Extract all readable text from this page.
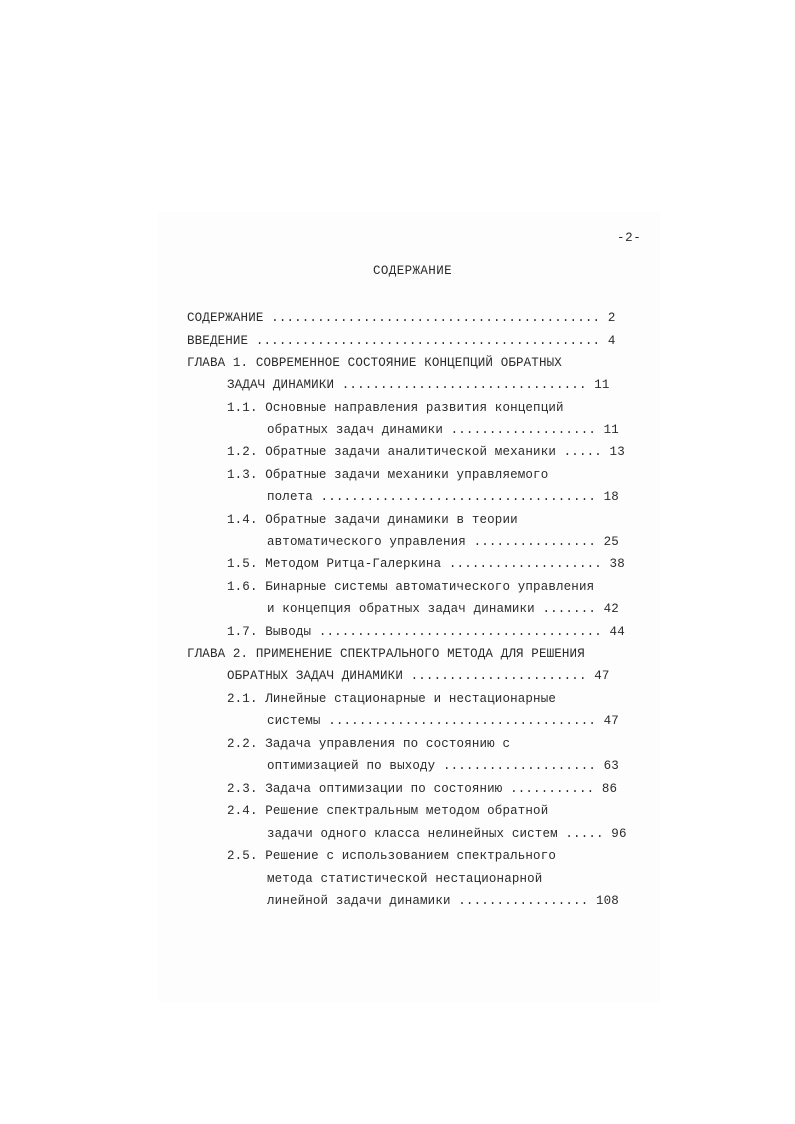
-2-
СОДЕРЖАНИЕ
СОДЕРЖАНИЕ ........................................... 2
ВВЕДЕНИЕ ............................................. 4
ГЛАВА 1. СОВРЕМЕННОЕ СОСТОЯНИЕ КОНЦЕПЦИЙ ОБРАТНЫХ
ЗАДАЧ ДИНАМИКИ ................................ 11
1.1. Основные направления развития концепций
обратных задач динамики ................... 11
1.2. Обратные задачи аналитической механики ..... 13
1.3. Обратные задачи механики управляемого
полета .................................... 18
1.4. Обратные задачи динамики в теории
автоматического управления ................ 25
1.5. Методом Ритца-Галеркина .................... 38
1.6. Бинарные системы автоматического управления
и концепция обратных задач динамики ....... 42
1.7. Выводы ..................................... 44
ГЛАВА 2. ПРИМЕНЕНИЕ СПЕКТРАЛЬНОГО МЕТОДА ДЛЯ РЕШЕНИЯ
ОБРАТНЫХ ЗАДАЧ ДИНАМИКИ ....................... 47
2.1. Линейные стационарные и нестационарные
системы ................................... 47
2.2. Задача управления по состоянию с
оптимизацией по выходу .................... 63
2.3. Задача оптимизации по состоянию ........... 86
2.4. Решение спектральным методом обратной
задачи одного класса нелинейных систем ..... 96
2.5. Решение с использованием спектрального
метода статистической нестационарной
линейной задачи динамики ................. 108
